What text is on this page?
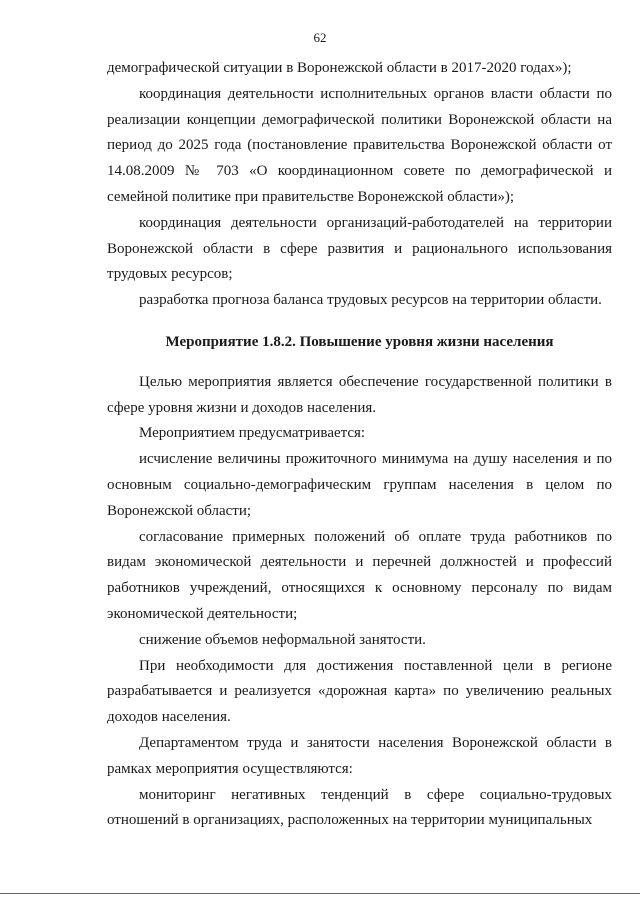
62

демографической ситуации в Воронежской области в 2017-2020 годах»);

координация деятельности исполнительных органов власти области по реализации концепции демографической политики Воронежской области на период до 2025 года (постановление правительства Воронежской области от 14.08.2009 № 703 «О координационном совете по демографической и семейной политике при правительстве Воронежской области»);

координация деятельности организаций-работодателей на территории Воронежской области в сфере развития и рационального использования трудовых ресурсов;

разработка прогноза баланса трудовых ресурсов на территории области.

Мероприятие 1.8.2. Повышение уровня жизни населения

Целью мероприятия является обеспечение государственной политики в сфере уровня жизни и доходов населения.

Мероприятием предусматривается:

исчисление величины прожиточного минимума на душу населения и по основным социально-демографическим группам населения в целом по Воронежской области;

согласование примерных положений об оплате труда работников по видам экономической деятельности и перечней должностей и профессий работников учреждений, относящихся к основному персоналу по видам экономической деятельности;

снижение объемов неформальной занятости.

При необходимости для достижения поставленной цели в регионе разрабатывается и реализуется «дорожная карта» по увеличению реальных доходов населения.

Департаментом труда и занятости населения Воронежской области в рамках мероприятия осуществляются:

мониторинг негативных тенденций в сфере социально-трудовых отношений в организациях, расположенных на территории муниципальных
